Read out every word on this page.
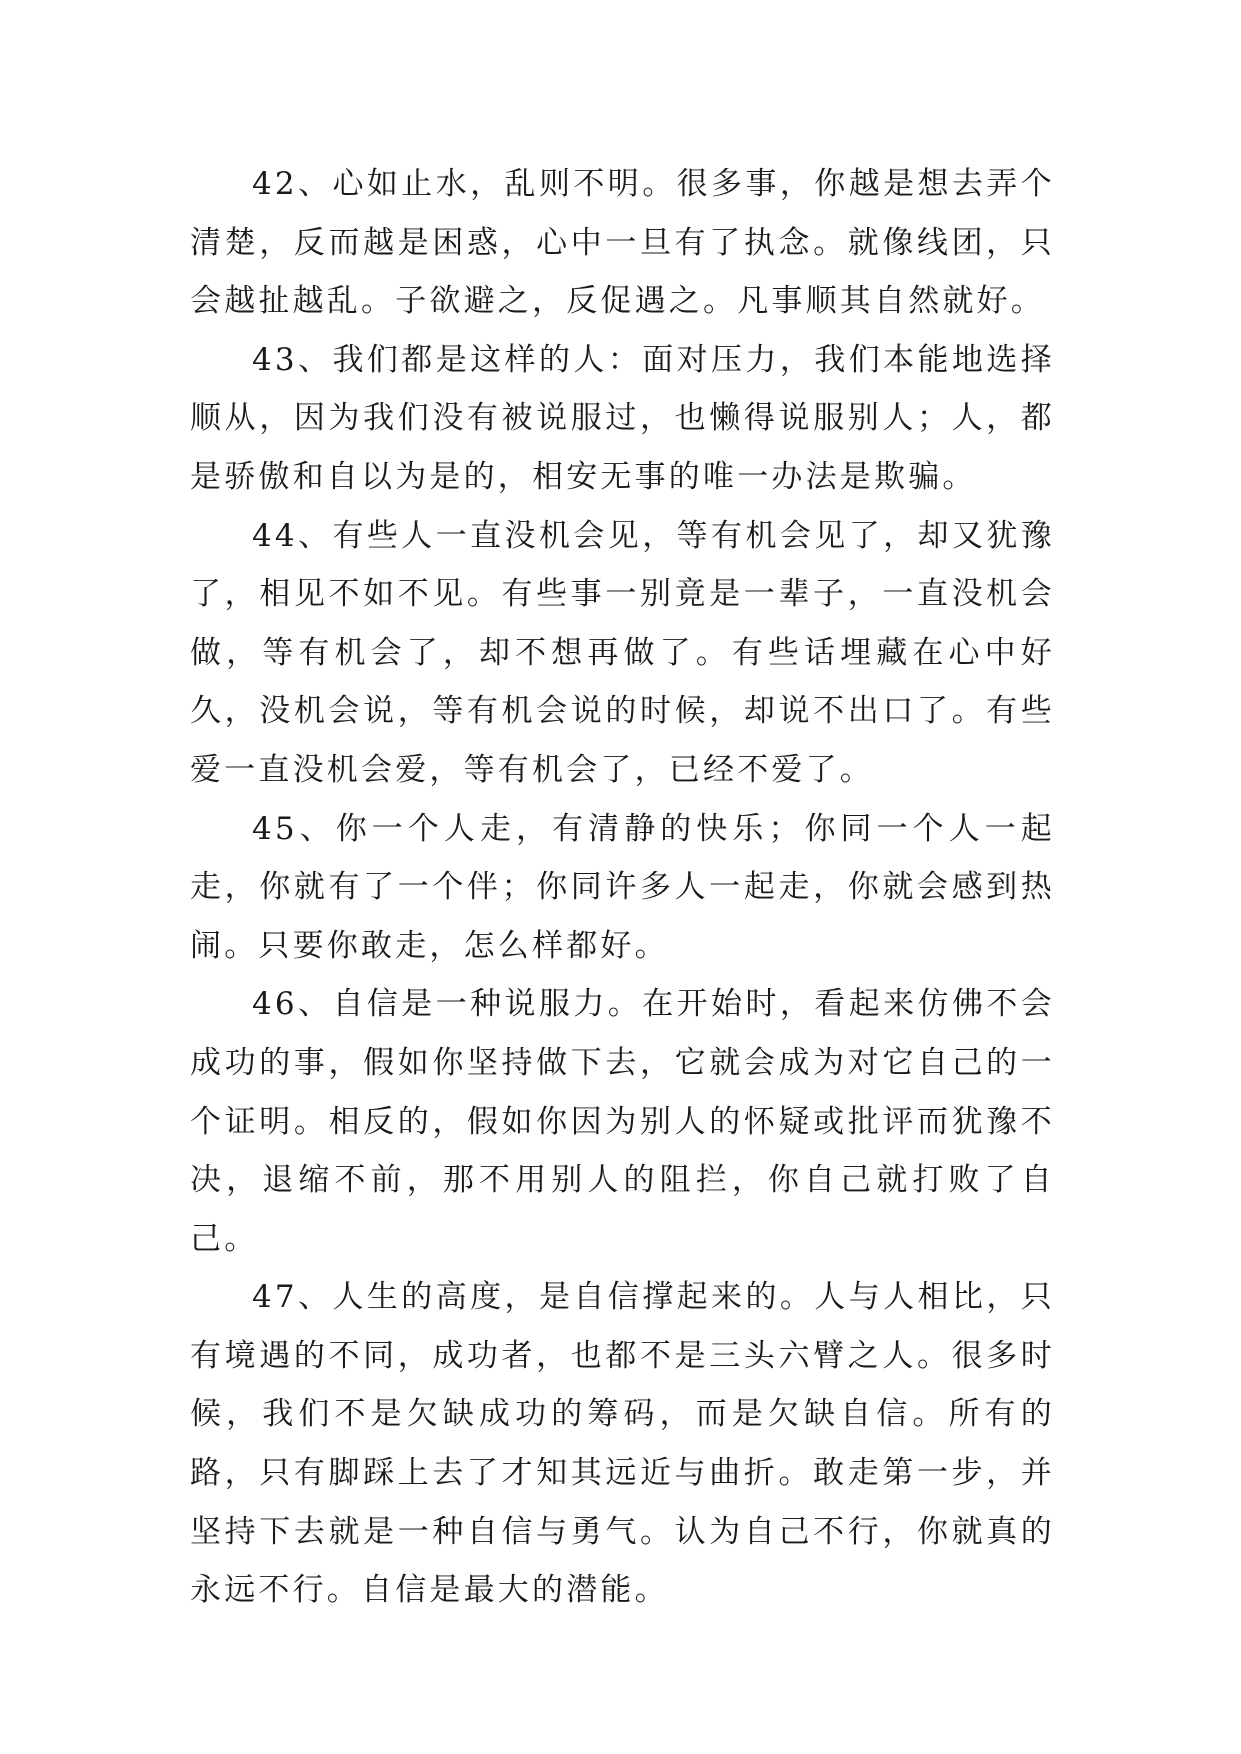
42、心如止水，乱则不明。很多事，你越是想去弄个清楚，反而越是困惑，心中一旦有了执念。就像线团，只会越扯越乱。子欲避之，反促遇之。凡事顺其自然就好。

43、我们都是这样的人：面对压力，我们本能地选择顺从，因为我们没有被说服过，也懒得说服别人；人，都是骄傲和自以为是的，相安无事的唯一办法是欺骗。

44、有些人一直没机会见，等有机会见了，却又犹豫了，相见不如不见。有些事一别竟是一辈子，一直没机会做，等有机会了，却不想再做了。有些话埋藏在心中好久，没机会说，等有机会说的时候，却说不出口了。有些爱一直没机会爱，等有机会了，已经不爱了。

45、你一个人走，有清静的快乐；你同一个人一起走，你就有了一个伴；你同许多人一起走，你就会感到热闹。只要你敢走，怎么样都好。

46、自信是一种说服力。在开始时，看起来仿佛不会成功的事，假如你坚持做下去，它就会成为对它自己的一个证明。相反的，假如你因为别人的怀疑或批评而犹豫不决，退缩不前，那不用别人的阻拦，你自己就打败了自己。

47、人生的高度，是自信撑起来的。人与人相比，只有境遇的不同，成功者，也都不是三头六臂之人。很多时候，我们不是欠缺成功的筹码，而是欠缺自信。所有的路，只有脚踩上去了才知其远近与曲折。敢走第一步，并坚持下去就是一种自信与勇气。认为自己不行，你就真的永远不行。自信是最大的潜能。
